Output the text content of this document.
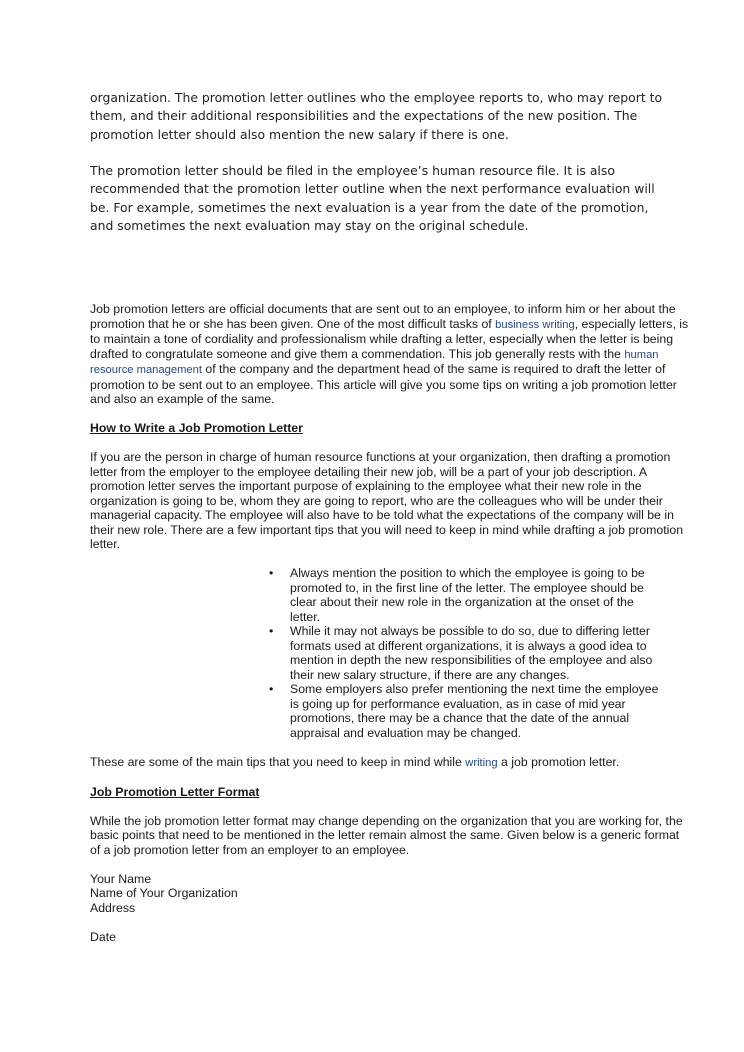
organization. The promotion letter outlines who the employee reports to, who may report to them, and their additional responsibilities and the expectations of the new position. The promotion letter should also mention the new salary if there is one.

The promotion letter should be filed in the employee’s human resource file. It is also recommended that the promotion letter outline when the next performance evaluation will be. For example, sometimes the next evaluation is a year from the date of the promotion, and sometimes the next evaluation may stay on the original schedule.

Job promotion letters are official documents that are sent out to an employee, to inform him or her about the promotion that he or she has been given. One of the most difficult tasks of business writing, especially letters, is to maintain a tone of cordiality and professionalism while drafting a letter, especially when the letter is being drafted to congratulate someone and give them a commendation. This job generally rests with the human resource management of the company and the department head of the same is required to draft the letter of promotion to be sent out to an employee. This article will give you some tips on writing a job promotion letter and also an example of the same.

How to Write a Job Promotion Letter

If you are the person in charge of human resource functions at your organization, then drafting a promotion letter from the employer to the employee detailing their new job, will be a part of your job description. A promotion letter serves the important purpose of explaining to the employee what their new role in the organization is going to be, whom they are going to report, who are the colleagues who will be under their managerial capacity. The employee will also have to be told what the expectations of the company will be in their new role. There are a few important tips that you will need to keep in mind while drafting a job promotion letter.

• Always mention the position to which the employee is going to be promoted to, in the first line of the letter. The employee should be clear about their new role in the organization at the onset of the letter.
• While it may not always be possible to do so, due to differing letter formats used at different organizations, it is always a good idea to mention in depth the new responsibilities of the employee and also their new salary structure, if there are any changes.
• Some employers also prefer mentioning the next time the employee is going up for performance evaluation, as in case of mid year promotions, there may be a chance that the date of the annual appraisal and evaluation may be changed.

These are some of the main tips that you need to keep in mind while writing a job promotion letter.

Job Promotion Letter Format

While the job promotion letter format may change depending on the organization that you are working for, the basic points that need to be mentioned in the letter remain almost the same. Given below is a generic format of a job promotion letter from an employer to an employee.

Your Name

Name of Your Organization

Address

Date
